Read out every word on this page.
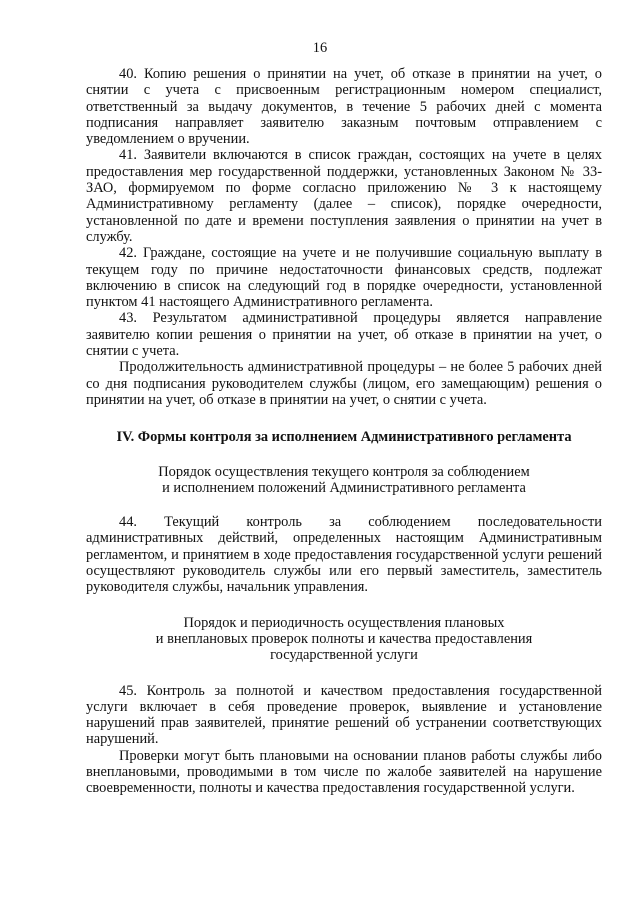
16

40. Копию решения о принятии на учет, об отказе в принятии на учет, о снятии с учета с присвоенным регистрационным номером специалист, ответственный за выдачу документов, в течение 5 рабочих дней с момента подписания направляет заявителю заказным почтовым отправлением с уведомлением о вручении.

41. Заявители включаются в список граждан, состоящих на учете в целях предоставления мер государственной поддержки, установленных Законом № 33-ЗАО, формируемом по форме согласно приложению № 3 к настоящему Административному регламенту (далее – список), порядке очередности, установленной по дате и времени поступления заявления о принятии на учет в службу.

42. Граждане, состоящие на учете и не получившие социальную выплату в текущем году по причине недостаточности финансовых средств, подлежат включению в список на следующий год в порядке очередности, установленной пунктом 41 настоящего Административного регламента.

43. Результатом административной процедуры является направление заявителю копии решения о принятии на учет, об отказе в принятии на учет, о снятии с учета.

Продолжительность административной процедуры – не более 5 рабочих дней со дня подписания руководителем службы (лицом, его замещающим) решения о принятии на учет, об отказе в принятии на учет, о снятии с учета.

IV. Формы контроля за исполнением Административного регламента

Порядок осуществления текущего контроля за соблюдением
и исполнением положений Административного регламента

44. Текущий контроль за соблюдением последовательности административных действий, определенных настоящим Административным регламентом, и принятием в ходе предоставления государственной услуги решений осуществляют руководитель службы или его первый заместитель, заместитель руководителя службы, начальник управления.

Порядок и периодичность осуществления плановых
и внеплановых проверок полноты и качества предоставления
государственной услуги

45. Контроль за полнотой и качеством предоставления государственной услуги включает в себя проведение проверок, выявление и установление нарушений прав заявителей, принятие решений об устранении соответствующих нарушений.

Проверки могут быть плановыми на основании планов работы службы либо внеплановыми, проводимыми в том числе по жалобе заявителей на нарушение своевременности, полноты и качества предоставления государственной услуги.
